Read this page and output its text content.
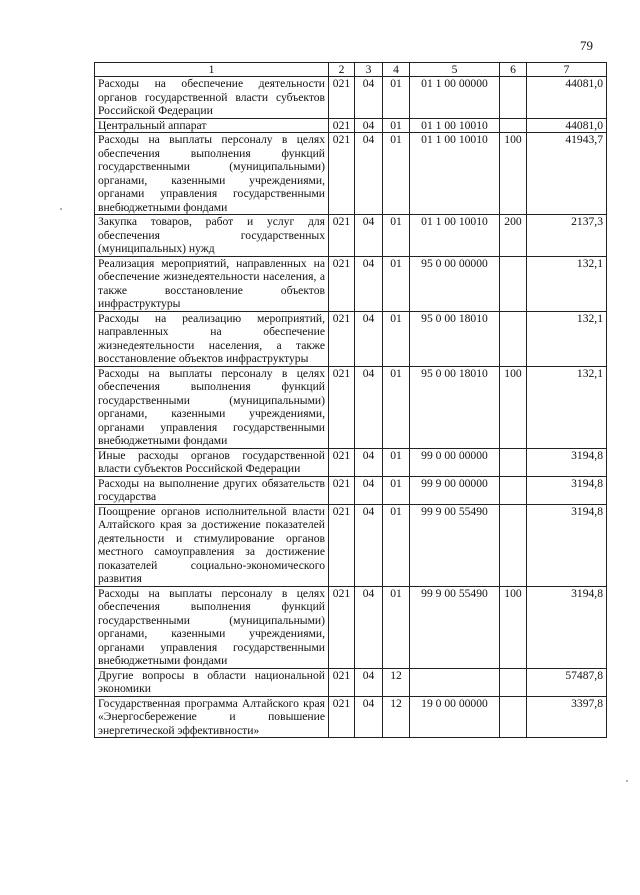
79
1	2	3	4	5	6	7
Расходы на обеспечение деятельности органов государственной власти субъектов Российской Федерации	021	04	01	01 1 00 00000		44081,0
Центральный аппарат	021	04	01	01 1 00 10010		44081,0
Расходы на выплаты персоналу в целях обеспечения выполнения функций государственными (муниципальными) органами, казенными учреждениями, органами управления государственными внебюджетными фондами	021	04	01	01 1 00 10010	100	41943,7
Закупка товаров, работ и услуг для обеспечения государственных (муниципальных) нужд	021	04	01	01 1 00 10010	200	2137,3
Реализация мероприятий, направленных на обеспечение жизнедеятельности населения, а также восстановление объектов инфраструктуры	021	04	01	95 0 00 00000		132,1
Расходы на реализацию мероприятий, направленных на обеспечение жизнедеятельности населения, а также восстановление объектов инфраструктуры	021	04	01	95 0 00 18010		132,1
Расходы на выплаты персоналу в целях обеспечения выполнения функций государственными (муниципальными) органами, казенными учреждениями, органами управления государственными внебюджетными фондами	021	04	01	95 0 00 18010	100	132,1
Иные расходы органов государственной власти субъектов Российской Федерации	021	04	01	99 0 00 00000		3194,8
Расходы на выполнение других обязательств государства	021	04	01	99 9 00 00000		3194,8
Поощрение органов исполнительной власти Алтайского края за достижение показателей деятельности и стимулирование органов местного самоуправления за достижение показателей социально-экономического развития	021	04	01	99 9 00 55490		3194,8
Расходы на выплаты персоналу в целях обеспечения выполнения функций государственными (муниципальными) органами, казенными учреждениями, органами управления государственными внебюджетными фондами	021	04	01	99 9 00 55490	100	3194,8
Другие вопросы в области национальной экономики	021	04	12			57487,8
Государственная программа Алтайского края «Энергосбережение и повышение энергетической эффективности»	021	04	12	19 0 00 00000		3397,8
